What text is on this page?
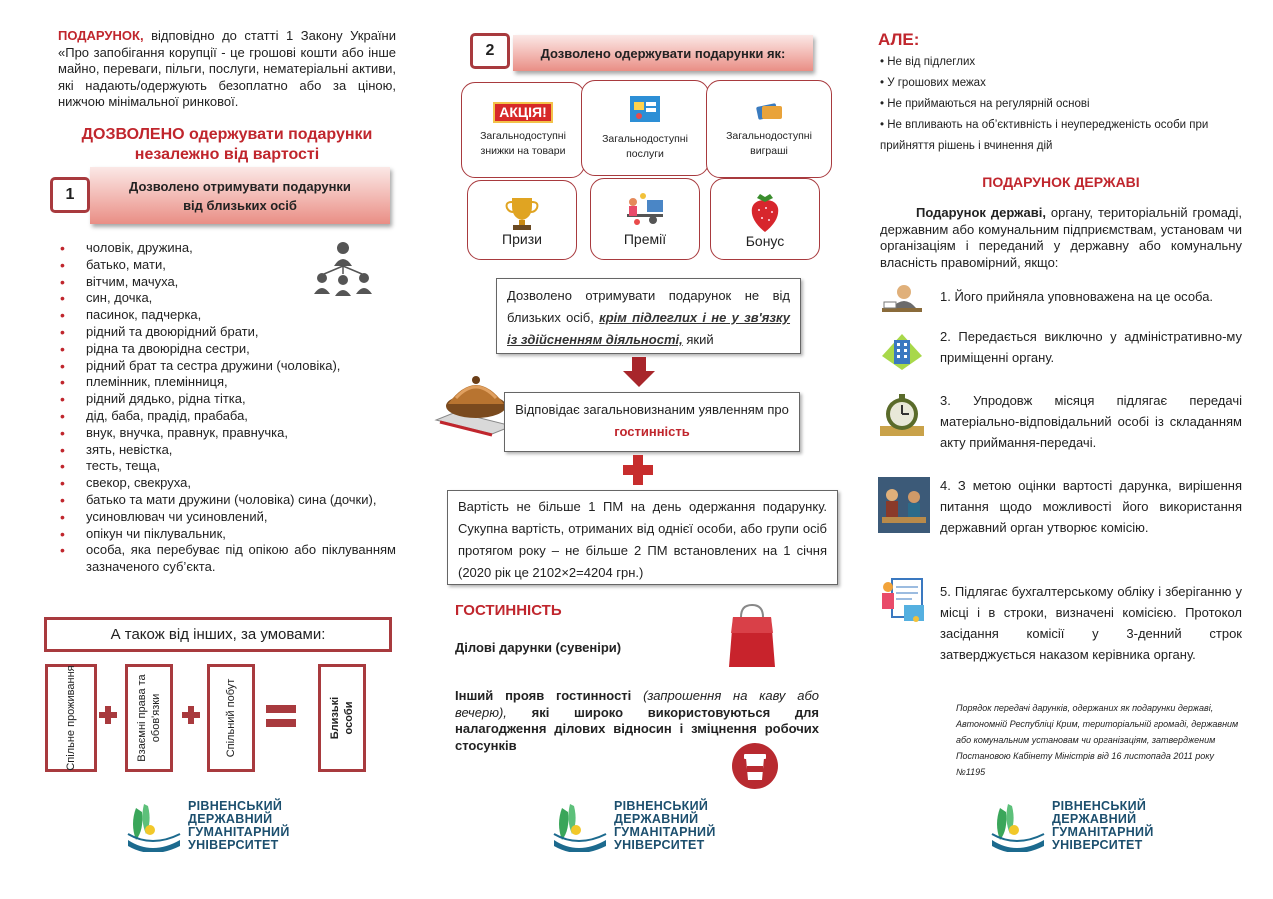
ПОДАРУНОК, відповідно до статті 1 Закону України «Про запобігання корупції - це грошові кошти або інше майно, переваги, пільги, послуги, нематеріальні активи, які надають/одержують безоплатно або за ціною, нижчою мінімальної ринкової.
ДОЗВОЛЕНО одержувати подарунки
незалежно від вартості
Дозволено отримувати подарунки
від близьких осіб
1
• чоловік, дружина,
• батько, мати,
• вітчим, мачуха,
• син, дочка,
• пасинок, падчерка,
• рідний та двоюрідний брати,
• рідна та двоюрідна сестри,
• рідний брат та сестра дружини (чоловіка),
• племінник, племінниця,
• рідний дядько, рідна тітка,
• дід, баба, прадід, прабаба,
• внук, внучка, правнук, правнучка,
• зять, невістка,
• тесть, теща,
• свекор, свекруха,
• батько та мати дружини (чоловіка) сина (дочки),
• усиновлювач чи усиновлений,
• опікун чи піклувальник,
• особа, яка перебуває під опікою або піклуванням зазначеного суб’єкта.
А також від інших, за умовами:
Спільне проживання	Взаємні права та обов'язки	Спільний побут	Близькі особи
Дозволено одержувати подарунки як:
2
АКЦІЯ!
Загальнодоступні знижки на товари
Загальнодоступні послуги
Загальнодоступні виграші
Призи	Премії	Бонус
Дозволено отримувати подарунок не від близьких осіб, крім підлеглих і не у зв'язку із здійсненням діяльності, який
Відповідає загальновизнаним уявленням про гостинність
Вартість не більше 1 ПМ на день одержання подарунку. Сукупна вартість, отриманих від однієї особи, або групи осіб протягом року – не більше 2 ПМ встановлених на 1 січня (2020 рік це 2102×2=4204 грн.)
ГОСТИННІСТЬ
Ділові дарунки (сувеніри)
Інший прояв гостинності (запрошення на каву або вечерю), які широко використовуються для налагодження ділових відносин і зміцнення робочих стосунків
АЛЕ:
• Не від підлеглих
• У грошових межах
• Не приймаються на регулярній основі
• Не впливають на об’єктивність і неупередженість особи при прийняття рішень і вчинення дій
ПОДАРУНОК ДЕРЖАВІ
Подарунок державі, органу, територіальній громаді, державним або комунальним підприємствам, установам чи організаціям і переданий у державну або комунальну власність правомірний, якщо:
1. Його прийняла уповноважена на це особа.
2. Передається виключно у адміністративно-му приміщенні органу.
3. Упродовж місяця підлягає передачі матеріально-відповідальний особі із складанням акту приймання-передачі.
4. З метою оцінки вартості дарунка, вирішення питання щодо можливості його використання державний орган утворює комісію.
5. Підлягає бухгалтерському обліку і зберіганню у місці і в строки, визначені комісією. Протокол засідання комісії у 3-денний строк затверджується наказом керівника органу.
Порядок передачі дарунків, одержаних як подарунки державі, Автономній Республіці Крим, територіальній громаді, державним або комунальним установам чи організаціям, затвердженим Постановою Кабінету Міністрів від 16 листопада 2011 року №1195
РІВНЕНСЬКИЙ
ДЕРЖАВНИЙ
ГУМАНІТАРНИЙ
УНІВЕРСИТЕТ
РІВНЕНСЬКИЙ
ДЕРЖАВНИЙ
ГУМАНІТАРНИЙ
УНІВЕРСИТЕТ
РІВНЕНСЬКИЙ
ДЕРЖАВНИЙ
ГУМАНІТАРНИЙ
УНІВЕРСИТЕТ
